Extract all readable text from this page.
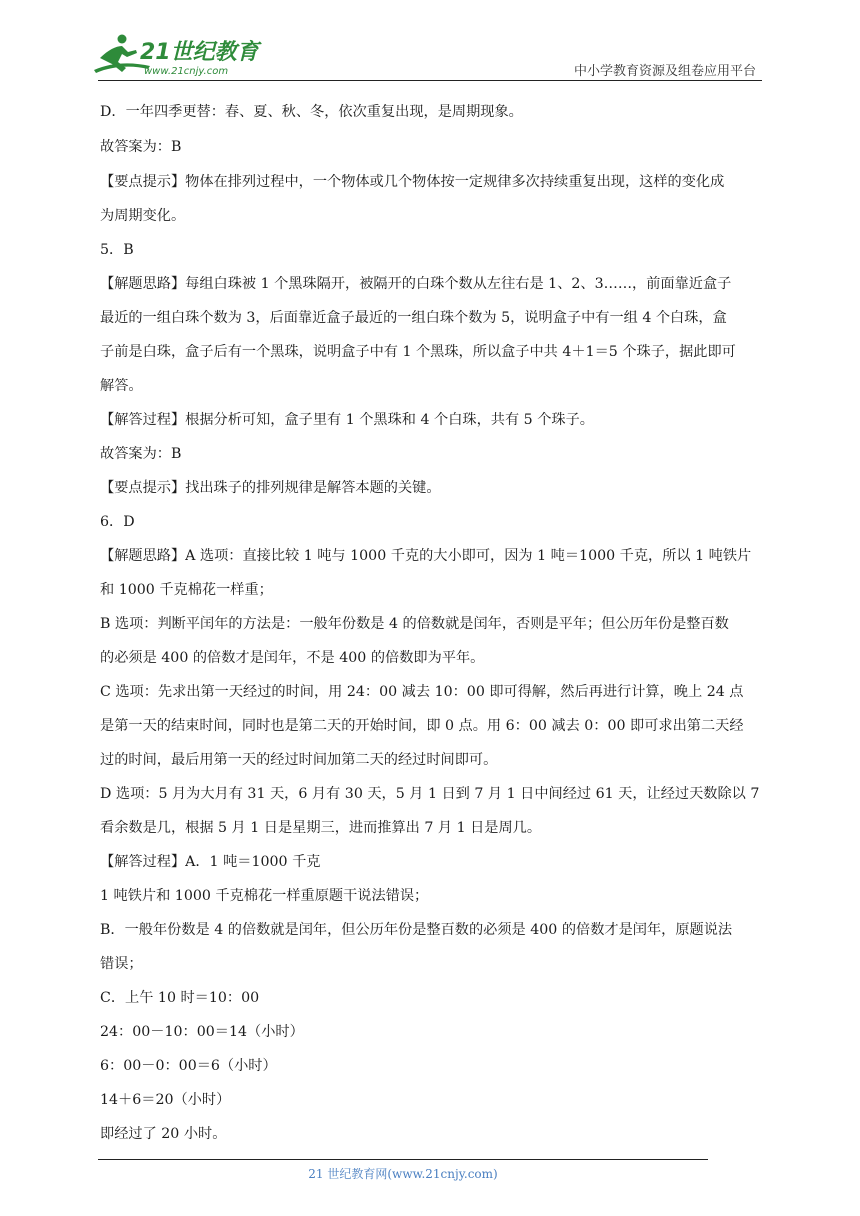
21世纪教育
www.21cnjy.com	中小学教育资源及组卷应用平台
D．一年四季更替：春、夏、秋、冬，依次重复出现，是周期现象。
故答案为：B
【要点提示】物体在排列过程中，一个物体或几个物体按一定规律多次持续重复出现，这样的变化成
为周期变化。
5．B
【解题思路】每组白珠被 1 个黑珠隔开，被隔开的白珠个数从左往右是 1、2、3……，前面靠近盒子
最近的一组白珠个数为 3，后面靠近盒子最近的一组白珠个数为 5，说明盒子中有一组 4 个白珠，盒
子前是白珠，盒子后有一个黑珠，说明盒子中有 1 个黑珠，所以盒子中共 4＋1＝5 个珠子，据此即可
解答。
【解答过程】根据分析可知，盒子里有 1 个黑珠和 4 个白珠，共有 5 个珠子。
故答案为：B
【要点提示】找出珠子的排列规律是解答本题的关键。
6．D
【解题思路】A 选项：直接比较 1 吨与 1000 千克的大小即可，因为 1 吨＝1000 千克，所以 1 吨铁片
和 1000 千克棉花一样重；
B 选项：判断平闰年的方法是：一般年份数是 4 的倍数就是闰年，否则是平年；但公历年份是整百数
的必须是 400 的倍数才是闰年，不是 400 的倍数即为平年。
C 选项：先求出第一天经过的时间，用 24：00 减去 10：00 即可得解，然后再进行计算，晚上 24 点
是第一天的结束时间，同时也是第二天的开始时间，即 0 点。用 6：00 减去 0：00 即可求出第二天经
过的时间，最后用第一天的经过时间加第二天的经过时间即可。
D 选项：5 月为大月有 31 天，6 月有 30 天，5 月 1 日到 7 月 1 日中间经过 61 天，让经过天数除以 7
看余数是几，根据 5 月 1 日是星期三，进而推算出 7 月 1 日是周几。
【解答过程】A．1 吨＝1000 千克
1 吨铁片和 1000 千克棉花一样重原题干说法错误；
B．一般年份数是 4 的倍数就是闰年，但公历年份是整百数的必须是 400 的倍数才是闰年，原题说法
错误；
C．上午 10 时＝10：00
24：00－10：00＝14（小时）
6：00－0：00＝6（小时）
14＋6＝20（小时）
即经过了 20 小时。
21 世纪教育网(www.21cnjy.com)
